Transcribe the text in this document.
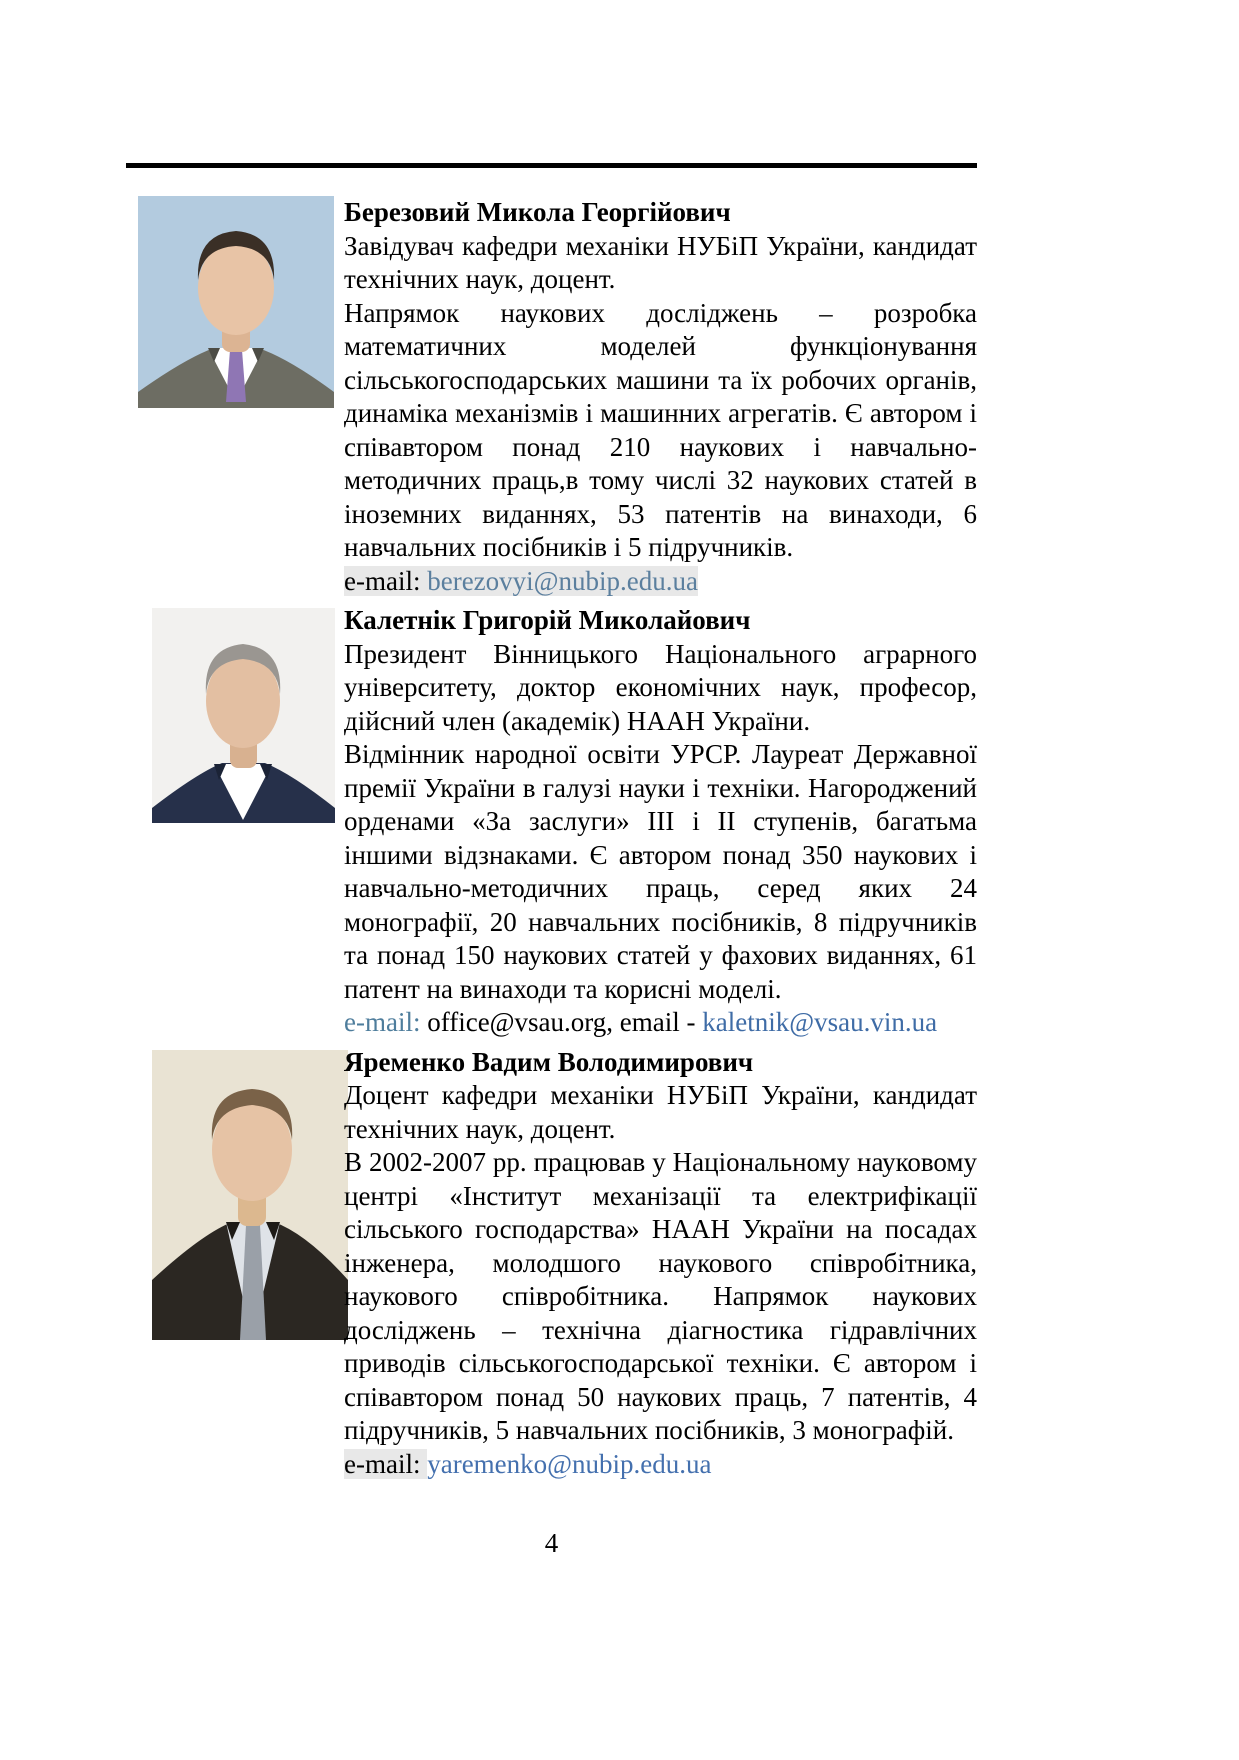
Березовий Микола Георгійович

Завідувач кафедри механіки НУБіП України, кандидат технічних наук, доцент.

Напрямок наукових досліджень – розробка математичних моделей функціонування сільськогосподарських машини та їх робочих органів, динаміка механізмів і машинних агрегатів. Є автором і співавтором понад 210 наукових і навчально-методичних праць,в тому числі 32 наукових статей в іноземних виданнях, 53 патентів на винаходи, 6 навчальних посібників і 5 підручників.

e-mail: berezovyi@nubip.edu.ua

Калетнік Григорій Миколайович

Президент Вінницького Національного аграрного університету, доктор економічних наук, професор, дійсний член (академік) НААН України.

Відмінник народної освіти УРСР. Лауреат Державної премії України в галузі науки і техніки. Нагороджений орденами «За заслуги» III і II ступенів, багатьма іншими відзнаками. Є автором понад 350 наукових і навчально-методичних праць, серед яких 24 монографії, 20 навчальних посібників, 8 підручників та понад 150 наукових статей у фахових виданнях, 61 патент на винаходи та корисні моделі.

e-mail: office@vsau.org, email - kaletnik@vsau.vin.ua

Яременко Вадим Володимирович

Доцент кафедри механіки НУБіП України, кандидат технічних наук, доцент.

В 2002-2007 рр. працював у Національному науковому центрі «Інститут механізації та електрифікації сільського господарства» НААН України на посадах інженера, молодшого наукового співробітника, наукового співробітника. Напрямок наукових досліджень – технічна діагностика гідравлічних приводів сільськогосподарської техніки. Є автором і співавтором понад 50 наукових праць, 7 патентів, 4 підручників, 5 навчальних посібників, 3 монографій.

e-mail: yaremenko@nubip.edu.ua

4
